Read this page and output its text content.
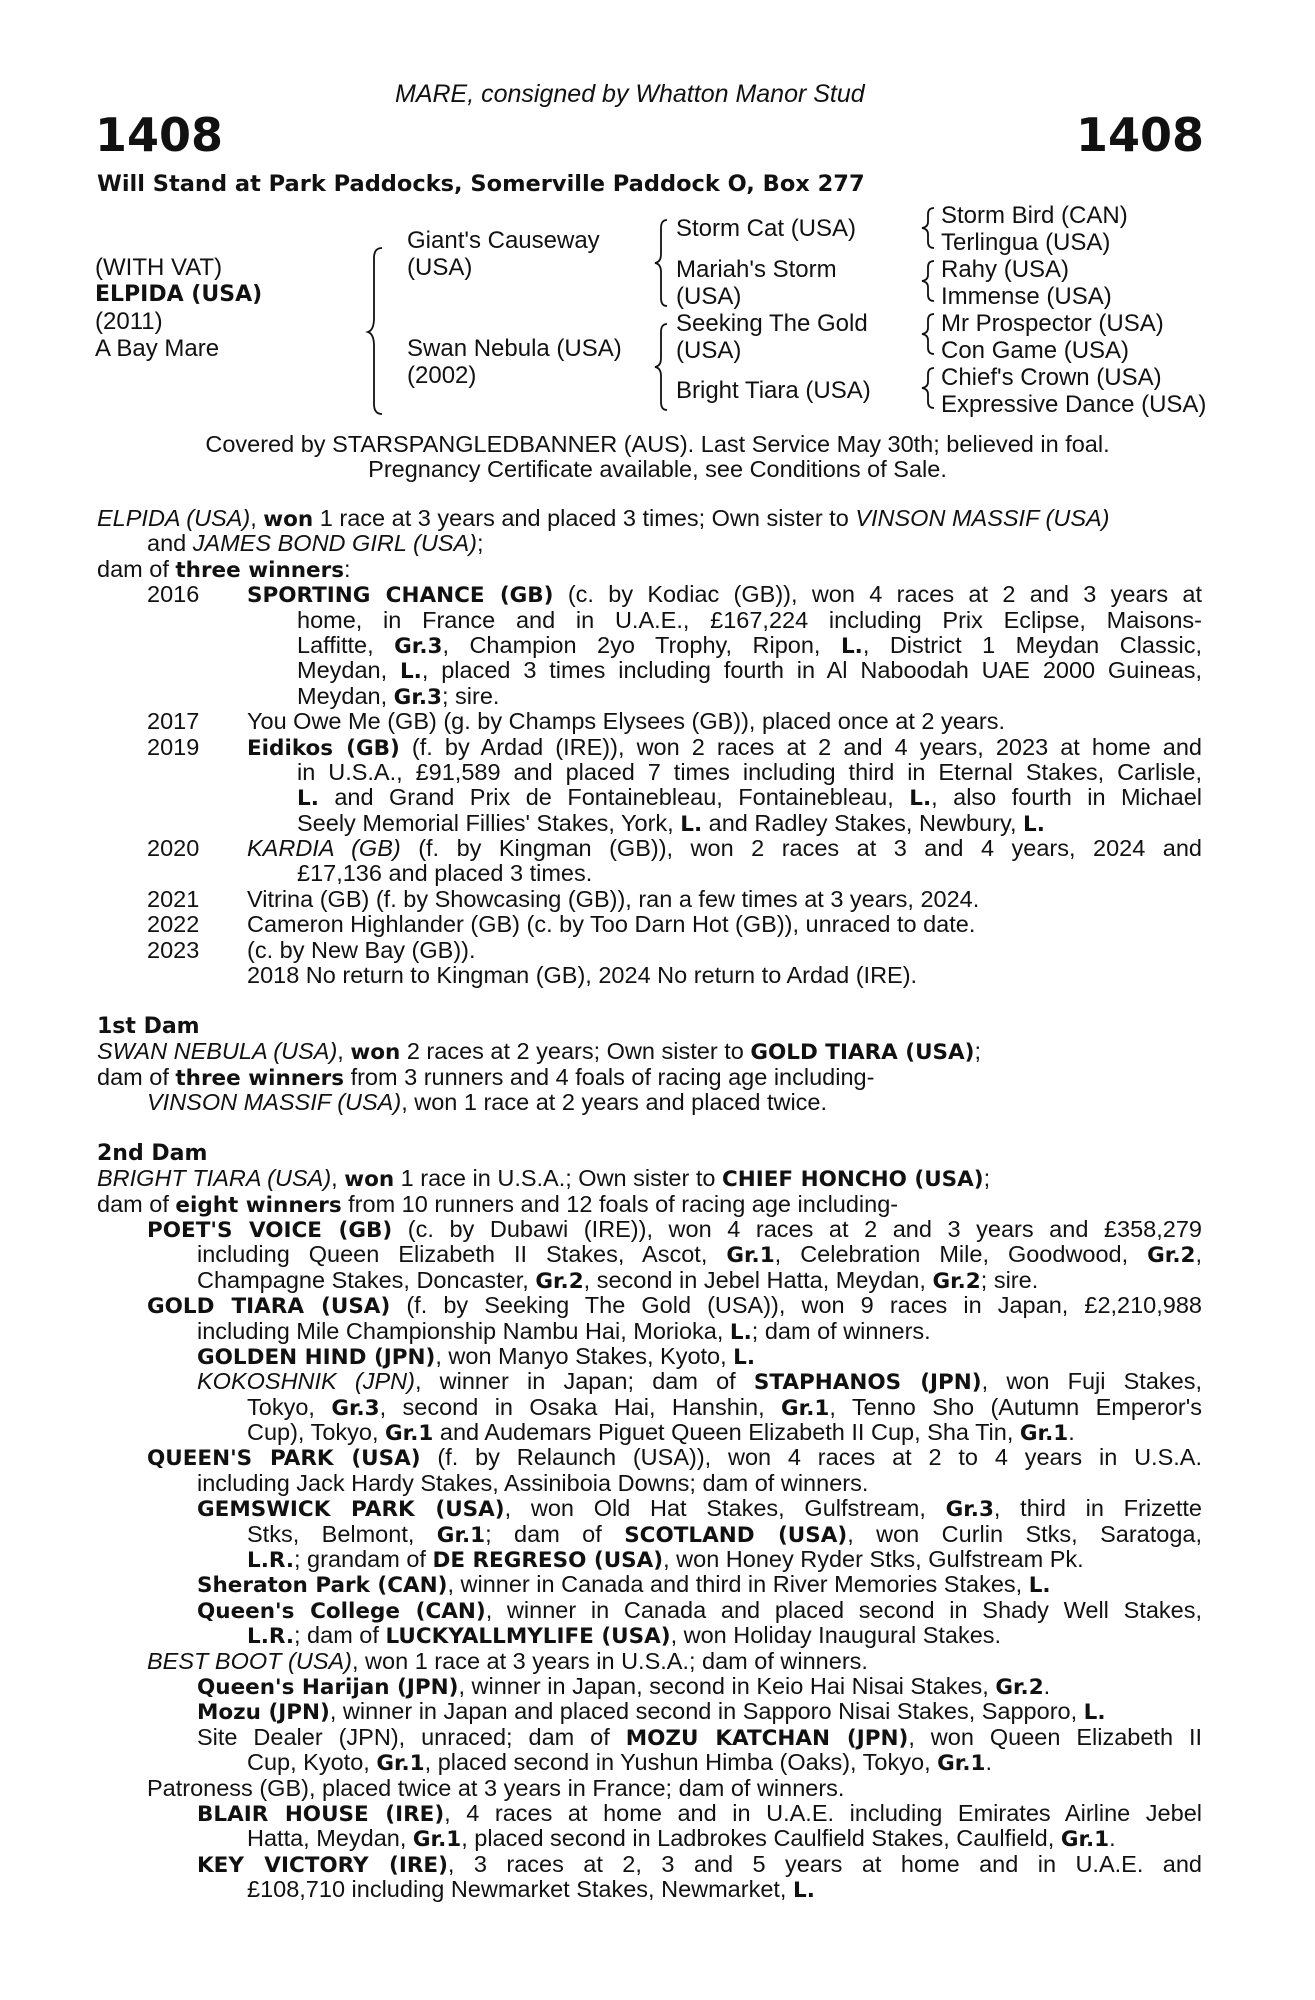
1408	1408
MARE, consigned by Whatton Manor Stud
Will Stand at Park Paddocks, Somerville Paddock O, Box 277
(WITH VAT)
ELPIDA (USA)
(2011)
A Bay Mare
Giant's Causeway
(USA)
Swan Nebula (USA)
(2002)
Storm Cat (USA)
Mariah's Storm
(USA)
Seeking The Gold
(USA)
Bright Tiara (USA)
Storm Bird (CAN)
Terlingua (USA)
Rahy (USA)
Immense (USA)
Mr Prospector (USA)
Con Game (USA)
Chief's Crown (USA)
Expressive Dance (USA)
Covered by STARSPANGLEDBANNER (AUS). Last Service May 30th; believed in foal.
Pregnancy Certificate available, see Conditions of Sale.
ELPIDA (USA), won 1 race at 3 years and placed 3 times; Own sister to VINSON MASSIF (USA)
and JAMES BOND GIRL (USA);
dam of three winners:
2016 SPORTING CHANCE (GB) (c. by Kodiac (GB)), won 4 races at 2 and 3 years at
home, in France and in U.A.E., £167,224 including Prix Eclipse, Maisons-
Laffitte, Gr.3, Champion 2yo Trophy, Ripon, L., District 1 Meydan Classic,
Meydan, L., placed 3 times including fourth in Al Naboodah UAE 2000 Guineas,
Meydan, Gr.3; sire.
2017 You Owe Me (GB) (g. by Champs Elysees (GB)), placed once at 2 years.
2019 Eidikos (GB) (f. by Ardad (IRE)), won 2 races at 2 and 4 years, 2023 at home and
in U.S.A., £91,589 and placed 7 times including third in Eternal Stakes, Carlisle,
L. and Grand Prix de Fontainebleau, Fontainebleau, L., also fourth in Michael
Seely Memorial Fillies' Stakes, York, L. and Radley Stakes, Newbury, L.
2020 KARDIA (GB) (f. by Kingman (GB)), won 2 races at 3 and 4 years, 2024 and
£17,136 and placed 3 times.
2021 Vitrina (GB) (f. by Showcasing (GB)), ran a few times at 3 years, 2024.
2022 Cameron Highlander (GB) (c. by Too Darn Hot (GB)), unraced to date.
2023 (c. by New Bay (GB)).
2018 No return to Kingman (GB), 2024 No return to Ardad (IRE).
1st Dam
SWAN NEBULA (USA), won 2 races at 2 years; Own sister to GOLD TIARA (USA);
dam of three winners from 3 runners and 4 foals of racing age including-
VINSON MASSIF (USA), won 1 race at 2 years and placed twice.
2nd Dam
BRIGHT TIARA (USA), won 1 race in U.S.A.; Own sister to CHIEF HONCHO (USA);
dam of eight winners from 10 runners and 12 foals of racing age including-
POET'S VOICE (GB) (c. by Dubawi (IRE)), won 4 races at 2 and 3 years and £358,279
including Queen Elizabeth II Stakes, Ascot, Gr.1, Celebration Mile, Goodwood, Gr.2,
Champagne Stakes, Doncaster, Gr.2, second in Jebel Hatta, Meydan, Gr.2; sire.
GOLD TIARA (USA) (f. by Seeking The Gold (USA)), won 9 races in Japan, £2,210,988
including Mile Championship Nambu Hai, Morioka, L.; dam of winners.
GOLDEN HIND (JPN), won Manyo Stakes, Kyoto, L.
KOKOSHNIK (JPN), winner in Japan; dam of STAPHANOS (JPN), won Fuji Stakes,
Tokyo, Gr.3, second in Osaka Hai, Hanshin, Gr.1, Tenno Sho (Autumn Emperor's
Cup), Tokyo, Gr.1 and Audemars Piguet Queen Elizabeth II Cup, Sha Tin, Gr.1.
QUEEN'S PARK (USA) (f. by Relaunch (USA)), won 4 races at 2 to 4 years in U.S.A.
including Jack Hardy Stakes, Assiniboia Downs; dam of winners.
GEMSWICK PARK (USA), won Old Hat Stakes, Gulfstream, Gr.3, third in Frizette
Stks, Belmont, Gr.1; dam of SCOTLAND (USA), won Curlin Stks, Saratoga,
L.R.; grandam of DE REGRESO (USA), won Honey Ryder Stks, Gulfstream Pk.
Sheraton Park (CAN), winner in Canada and third in River Memories Stakes, L.
Queen's College (CAN), winner in Canada and placed second in Shady Well Stakes,
L.R.; dam of LUCKYALLMYLIFE (USA), won Holiday Inaugural Stakes.
BEST BOOT (USA), won 1 race at 3 years in U.S.A.; dam of winners.
Queen's Harijan (JPN), winner in Japan, second in Keio Hai Nisai Stakes, Gr.2.
Mozu (JPN), winner in Japan and placed second in Sapporo Nisai Stakes, Sapporo, L.
Site Dealer (JPN), unraced; dam of MOZU KATCHAN (JPN), won Queen Elizabeth II
Cup, Kyoto, Gr.1, placed second in Yushun Himba (Oaks), Tokyo, Gr.1.
Patroness (GB), placed twice at 3 years in France; dam of winners.
BLAIR HOUSE (IRE), 4 races at home and in U.A.E. including Emirates Airline Jebel
Hatta, Meydan, Gr.1, placed second in Ladbrokes Caulfield Stakes, Caulfield, Gr.1.
KEY VICTORY (IRE), 3 races at 2, 3 and 5 years at home and in U.A.E. and
£108,710 including Newmarket Stakes, Newmarket, L.
